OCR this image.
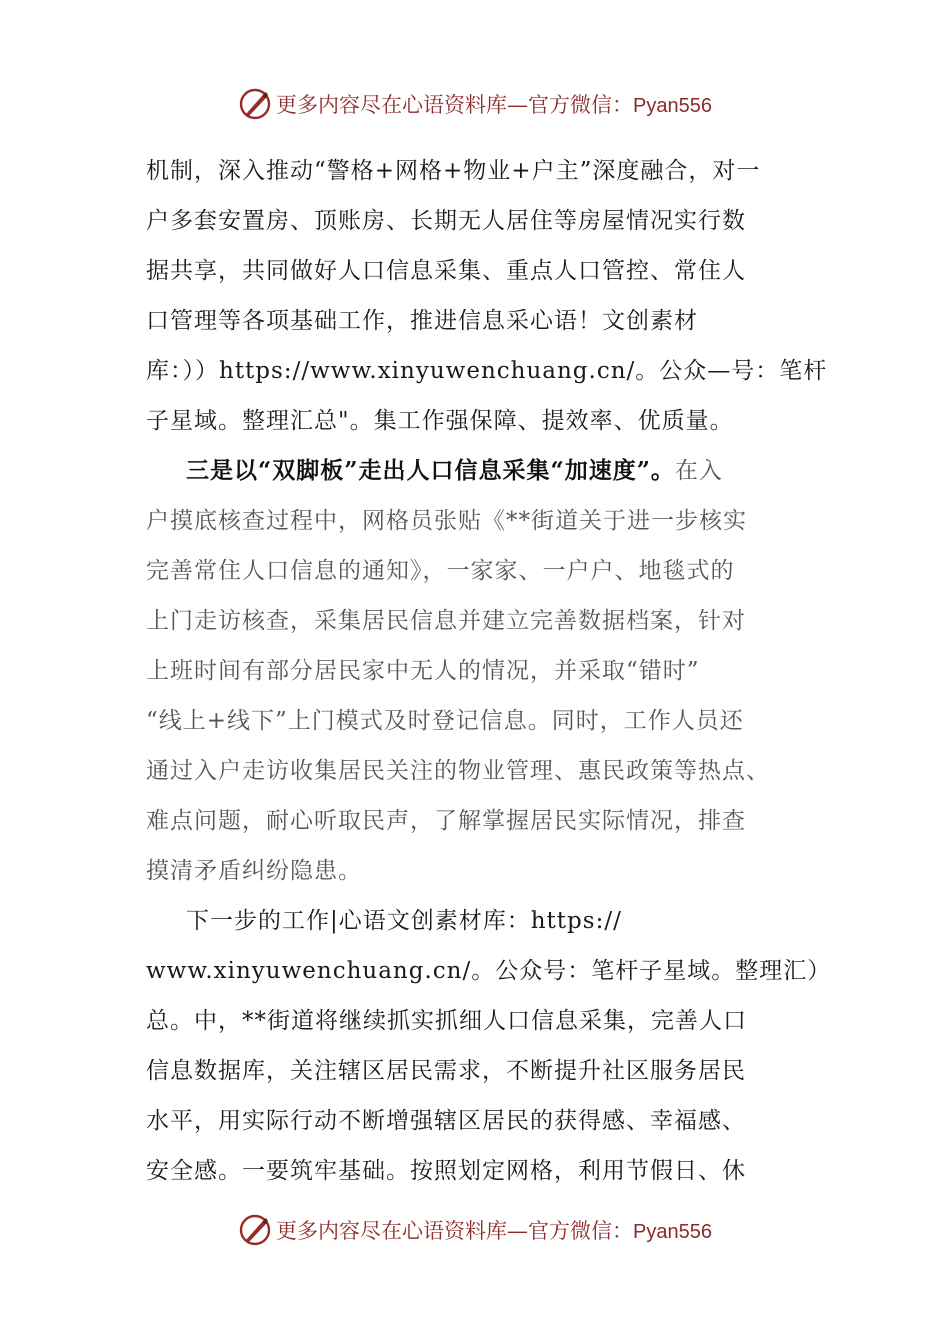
更多内容尽在心语资料库—官方微信：Pyan556
机制，深入推动“警格+网格+物业+户主”深度融合，对一
户多套安置房、顶账房、长期无人居住等房屋情况实行数
据共享，共同做好人口信息采集、重点人口管控、常住人
口管理等各项基础工作，推进信息采心语！文创素材
库：））https://www.xinyuwenchuang.cn/。公众—号：笔杆
子星域。整理汇总"。集工作强保障、提效率、优质量。
三是以“双脚板”走出人口信息采集“加速度”。在入
户摸底核查过程中，网格员张贴《**街道关于进一步核实
完善常住人口信息的通知》，一家家、一户户、地毯式的
上门走访核查，采集居民信息并建立完善数据档案，针对
上班时间有部分居民家中无人的情况，并采取“错时”
“线上+线下”上门模式及时登记信息。同时，工作人员还
通过入户走访收集居民关注的物业管理、惠民政策等热点、
难点问题，耐心听取民声，了解掌握居民实际情况，排查
摸清矛盾纠纷隐患。
下一步的工作|心语文创素材库：https://
www.xinyuwenchuang.cn/。公众号：笔杆子星域。整理汇）
总。中，**街道将继续抓实抓细人口信息采集，完善人口
信息数据库，关注辖区居民需求，不断提升社区服务居民
水平，用实际行动不断增强辖区居民的获得感、幸福感、
安全感。一要筑牢基础。按照划定网格，利用节假日、休
更多内容尽在心语资料库—官方微信：Pyan556
